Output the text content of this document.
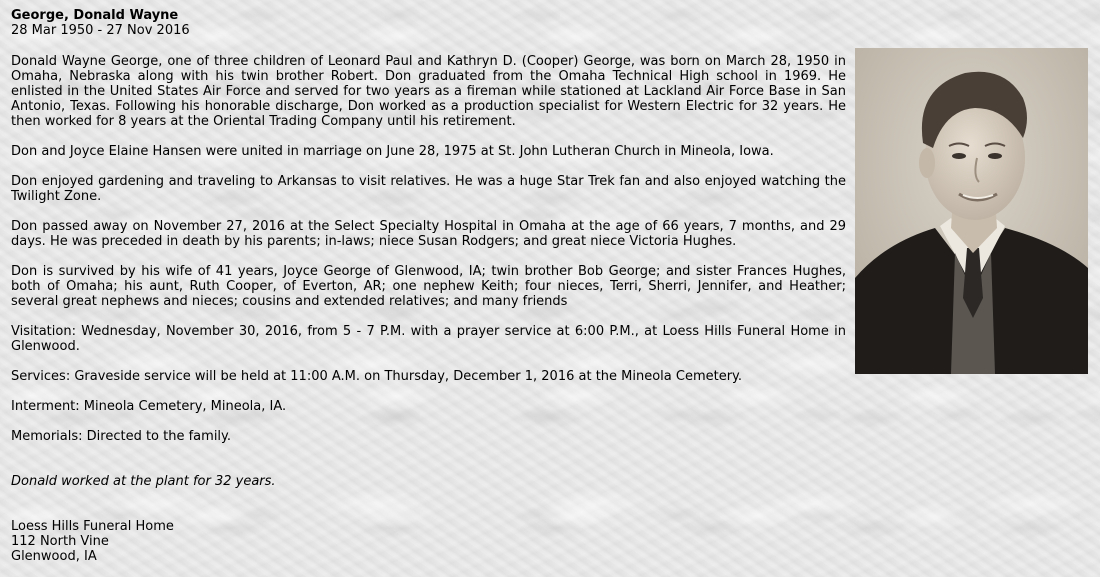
George, Donald Wayne
28 Mar 1950 - 27 Nov 2016
Donald Wayne George, one of three children of Leonard Paul and Kathryn D. (Cooper) George, was born on March 28, 1950 in Omaha, Nebraska along with his twin brother Robert. Don graduated from the Omaha Technical High school in 1969. He enlisted in the United States Air Force and served for two years as a fireman while stationed at Lackland Air Force Base in San Antonio, Texas. Following his honorable discharge, Don worked as a production specialist for Western Electric for 32 years. He then worked for 8 years at the Oriental Trading Company until his retirement.
Don and Joyce Elaine Hansen were united in marriage on June 28, 1975 at St. John Lutheran Church in Mineola, Iowa.
Don enjoyed gardening and traveling to Arkansas to visit relatives. He was a huge Star Trek fan and also enjoyed watching the Twilight Zone.
Don passed away on November 27, 2016 at the Select Specialty Hospital in Omaha at the age of 66 years, 7 months, and 29 days. He was preceded in death by his parents; in-laws; niece Susan Rodgers; and great niece Victoria Hughes.
Don is survived by his wife of 41 years, Joyce George of Glenwood, IA; twin brother Bob George; and sister Frances Hughes, both of Omaha; his aunt, Ruth Cooper, of Everton, AR; one nephew Keith; four nieces, Terri, Sherri, Jennifer, and Heather; several great nephews and nieces; cousins and extended relatives; and many friends
Visitation: Wednesday, November 30, 2016, from 5 - 7 P.M. with a prayer service at 6:00 P.M., at Loess Hills Funeral Home in Glenwood.
Services: Graveside service will be held at 11:00 A.M. on Thursday, December 1, 2016 at the Mineola Cemetery.
Interment: Mineola Cemetery, Mineola, IA.
Memorials: Directed to the family.
Donald worked at the plant for 32 years.
Loess Hills Funeral Home
112 North Vine
Glenwood, IA
